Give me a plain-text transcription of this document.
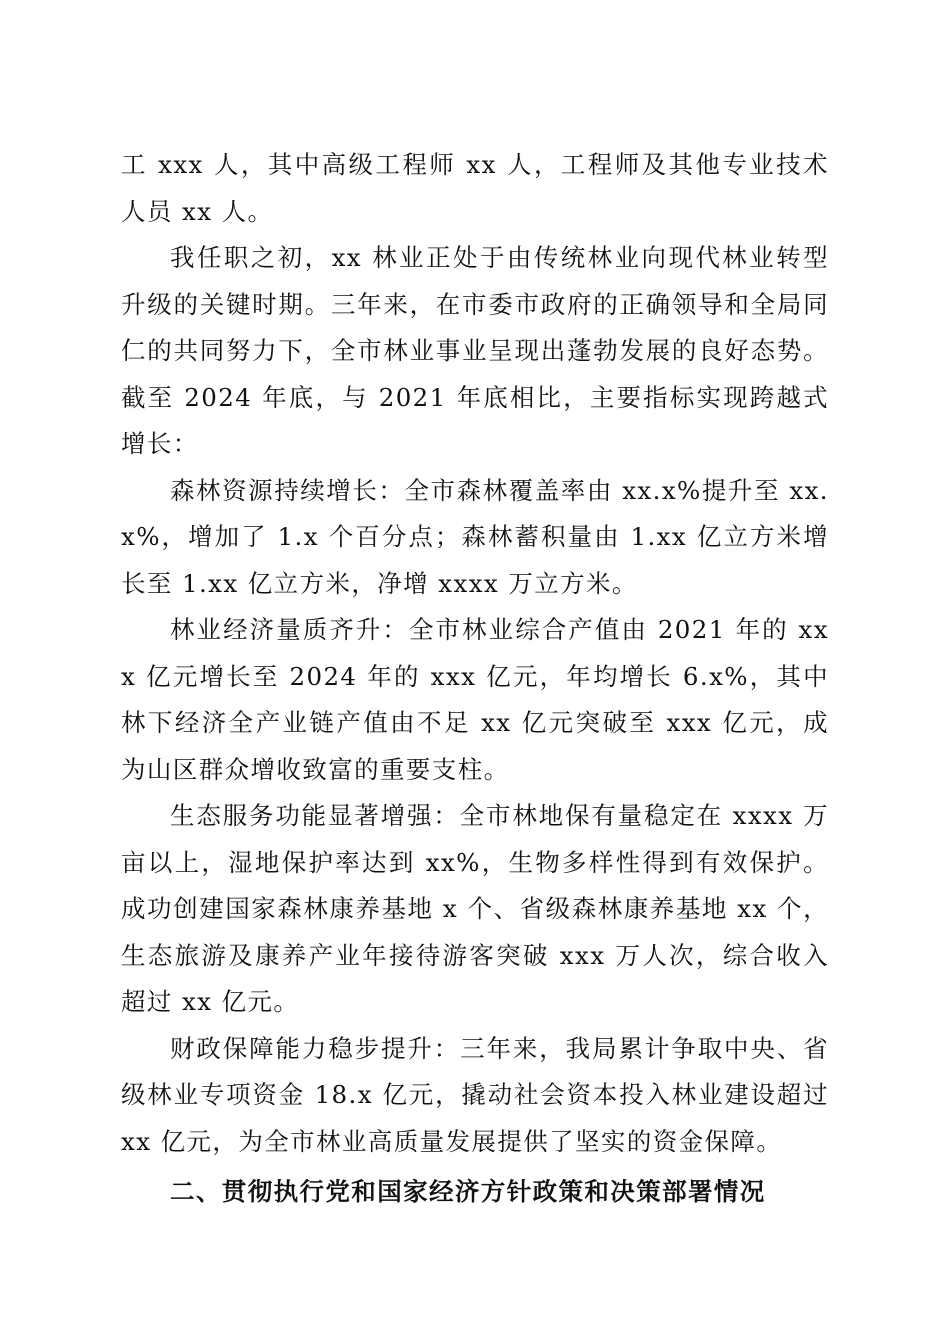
工 xxx 人，其中高级工程师 xx 人，工程师及其他专业技术人员 xx 人。

我任职之初，xx 林业正处于由传统林业向现代林业转型升级的关键时期。三年来，在市委市政府的正确领导和全局同仁的共同努力下，全市林业事业呈现出蓬勃发展的良好态势。截至 2024 年底，与 2021 年底相比，主要指标实现跨越式增长：

森林资源持续增长：全市森林覆盖率由 xx.x%提升至 xx.x%，增加了 1.x 个百分点；森林蓄积量由 1.xx 亿立方米增长至 1.xx 亿立方米，净增 xxxx 万立方米。

林业经济量质齐升：全市林业综合产值由 2021 年的 xxx 亿元增长至 2024 年的 xxx 亿元，年均增长 6.x%，其中林下经济全产业链产值由不足 xx 亿元突破至 xxx 亿元，成为山区群众增收致富的重要支柱。

生态服务功能显著增强：全市林地保有量稳定在 xxxx 万亩以上，湿地保护率达到 xx%，生物多样性得到有效保护。成功创建国家森林康养基地 x 个、省级森林康养基地 xx 个，生态旅游及康养产业年接待游客突破 xxx 万人次，综合收入超过 xx 亿元。

财政保障能力稳步提升：三年来，我局累计争取中央、省级林业专项资金 18.x 亿元，撬动社会资本投入林业建设超过 xx 亿元，为全市林业高质量发展提供了坚实的资金保障。

二、贯彻执行党和国家经济方针政策和决策部署情况
